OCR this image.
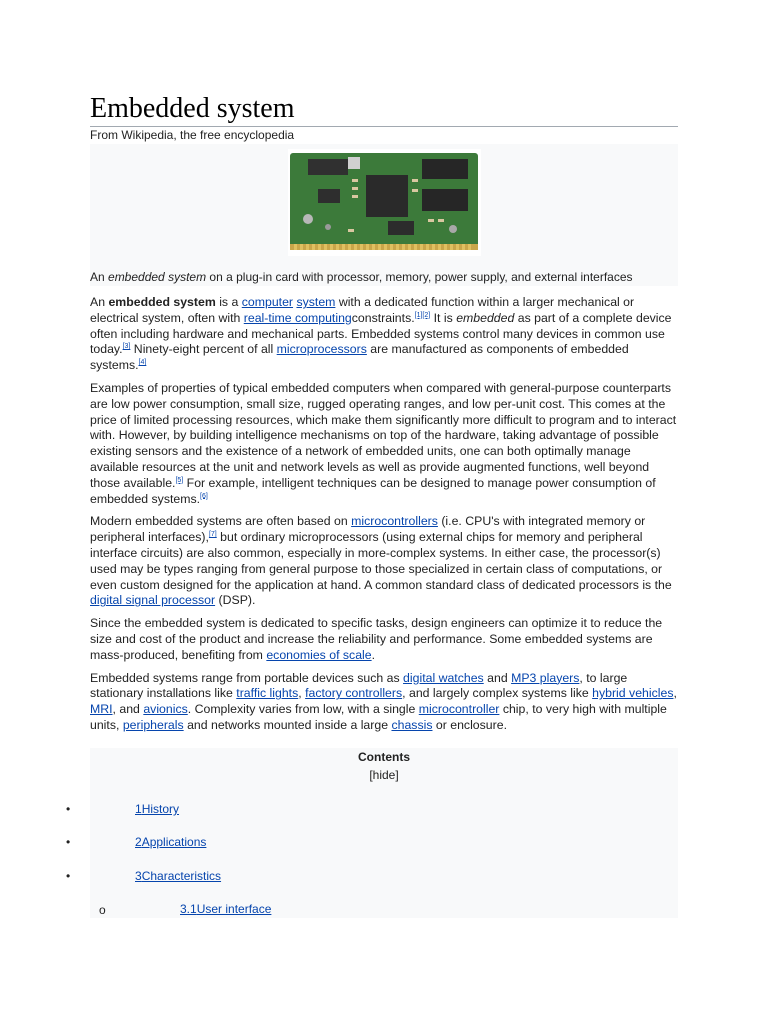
Embedded system
From Wikipedia, the free encyclopedia
An embedded system on a plug-in card with processor, memory, power supply, and external interfaces

An embedded system is a computer system with a dedicated function within a larger mechanical or electrical system, often with real-time computingconstraints.[1][2] It is embedded as part of a complete device often including hardware and mechanical parts. Embedded systems control many devices in common use today.[3] Ninety-eight percent of all microprocessors are manufactured as components of embedded systems.[4]

Examples of properties of typical embedded computers when compared with general-purpose counterparts are low power consumption, small size, rugged operating ranges, and low per-unit cost. This comes at the price of limited processing resources, which make them significantly more difficult to program and to interact with. However, by building intelligence mechanisms on top of the hardware, taking advantage of possible existing sensors and the existence of a network of embedded units, one can both optimally manage available resources at the unit and network levels as well as provide augmented functions, well beyond those available.[5] For example, intelligent techniques can be designed to manage power consumption of embedded systems.[6]

Modern embedded systems are often based on microcontrollers (i.e. CPU's with integrated memory or peripheral interfaces),[7] but ordinary microprocessors (using external chips for memory and peripheral interface circuits) are also common, especially in more-complex systems. In either case, the processor(s) used may be types ranging from general purpose to those specialized in certain class of computations, or even custom designed for the application at hand. A common standard class of dedicated processors is the digital signal processor (DSP).

Since the embedded system is dedicated to specific tasks, design engineers can optimize it to reduce the size and cost of the product and increase the reliability and performance. Some embedded systems are mass-produced, benefiting from economies of scale.

Embedded systems range from portable devices such as digital watches and MP3 players, to large stationary installations like traffic lights, factory controllers, and largely complex systems like hybrid vehicles, MRI, and avionics. Complexity varies from low, with a single microcontroller chip, to very high with multiple units, peripherals and networks mounted inside a large chassis or enclosure.

Contents
[hide]
•	1History
•	2Applications
•	3Characteristics
o	3.1User interface
